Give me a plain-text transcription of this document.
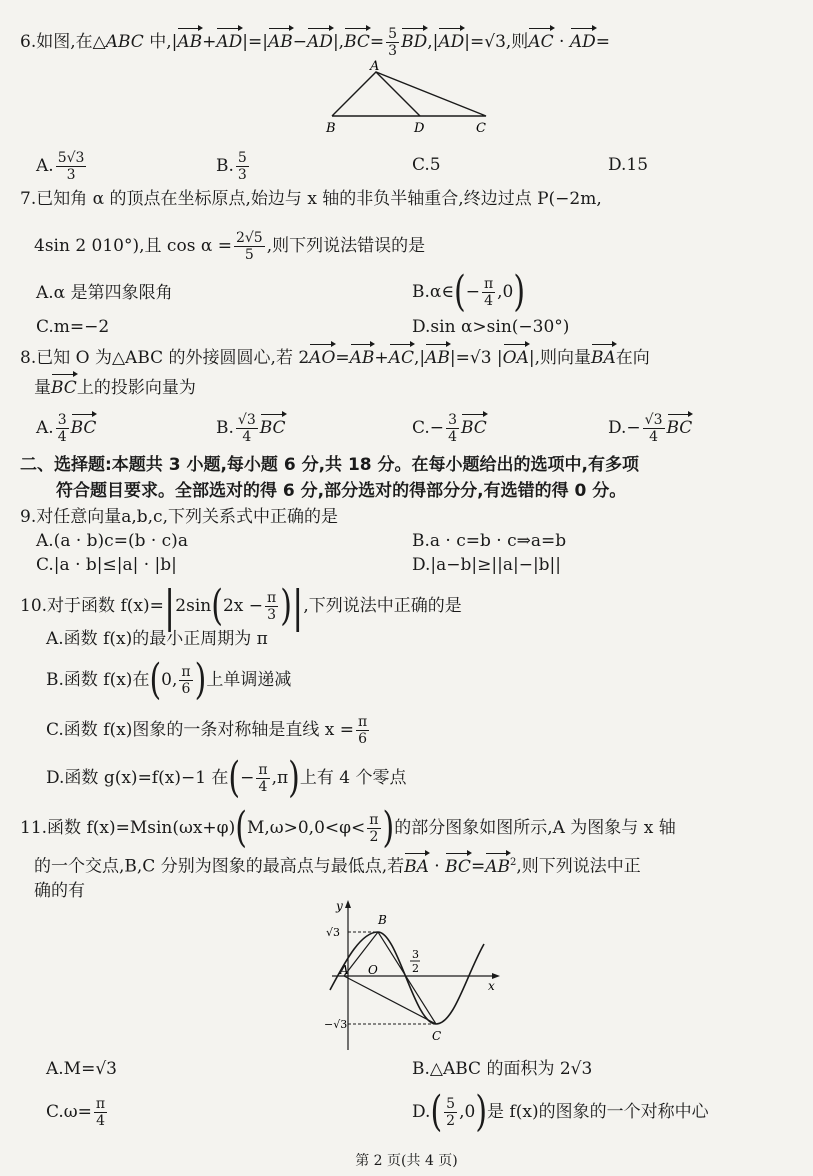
6.如图,在△ABC 中$,|AB+AD|=|AB-AD|,BC= \frac{5}{3} BD,|AD|=√3$,则AC · AD=
A
B	D	C
A. $\frac{5√3}{3}$	B. $\frac{5}{3}$	C.5	D.15
7.已知角 α 的顶点在坐标原点,始边与 x 轴的非负半轴重合,终边过点 P(−2m,
4sin 2 010°),且 $\cos \alpha = \frac{2√5}{5}$ ,则下列说法错误的是
A.α 是第四象限角	B.α∈(− $\frac{\pi}{4} ,0$)
C.m=−2	D.sin α>sin(−30°)
8.已知 O 为△ABC 的外接圆圆心,若 2AO=AB+AC,|AB|=√3 |OA|,则向量BA在向
量BC上的投影向量为
A. $\frac{3}{4}$ BC	B. $\frac{√3}{4}$ BC	$C.- \frac{3}{4}$ BC	$D.- \frac{√3}{4}$ BC
二、选择题:本题共 3 小题,每小题 6 分,共 18 分。在每小题给出的选项中,有多项
符合题目要求。全部选对的得 6 分,部分选对的得部分分,有选错的得 0 分。
9.对任意向量a,b,c,下列关系式中正确的是
A.(a · b)c=(b · c)a	B.a · c=b · c⇒a=b
C.|a · b|≤|a| · |b|	D.|a−b|≥||a|−|b||
10.对于函数 $f(x)=|2\sin(2x - \frac{\pi}{3}$ )|,下列说法中正确的是
A.函数 f(x)的最小正周期为 π
B.函数 f(x)在(0, $\frac{\pi}{6}$ )上单调递减
C.函数 f(x)图象的一条对称轴是直线 $x = \frac{\pi}{6}$
D.函数 g(x)=f(x)−1 在(− $\frac{\pi}{4} ,\pi$)上有 4 个零点
11.函数 $f(x)=Msin(\omega x+\varphi)(M,\omega>0,0<\varphi< \frac{\pi}{2}$ )的部分图象如图所示,A 为图象与 x 轴
的一个交点,B,C 分别为图象的最高点与最低点,若BA · $BC=AB^2$,则下列说法中正
确的有
y
x
√3
−√3
B
A O
C
3
2
A.M=√3	B.△ABC 的面积为 2√3
$C.\omega= \frac{\pi}{4}$	$D.( \frac{5}{2} ,0)$是 f(x)的图象的一个对称中心
第 2 页(共 4 页)
